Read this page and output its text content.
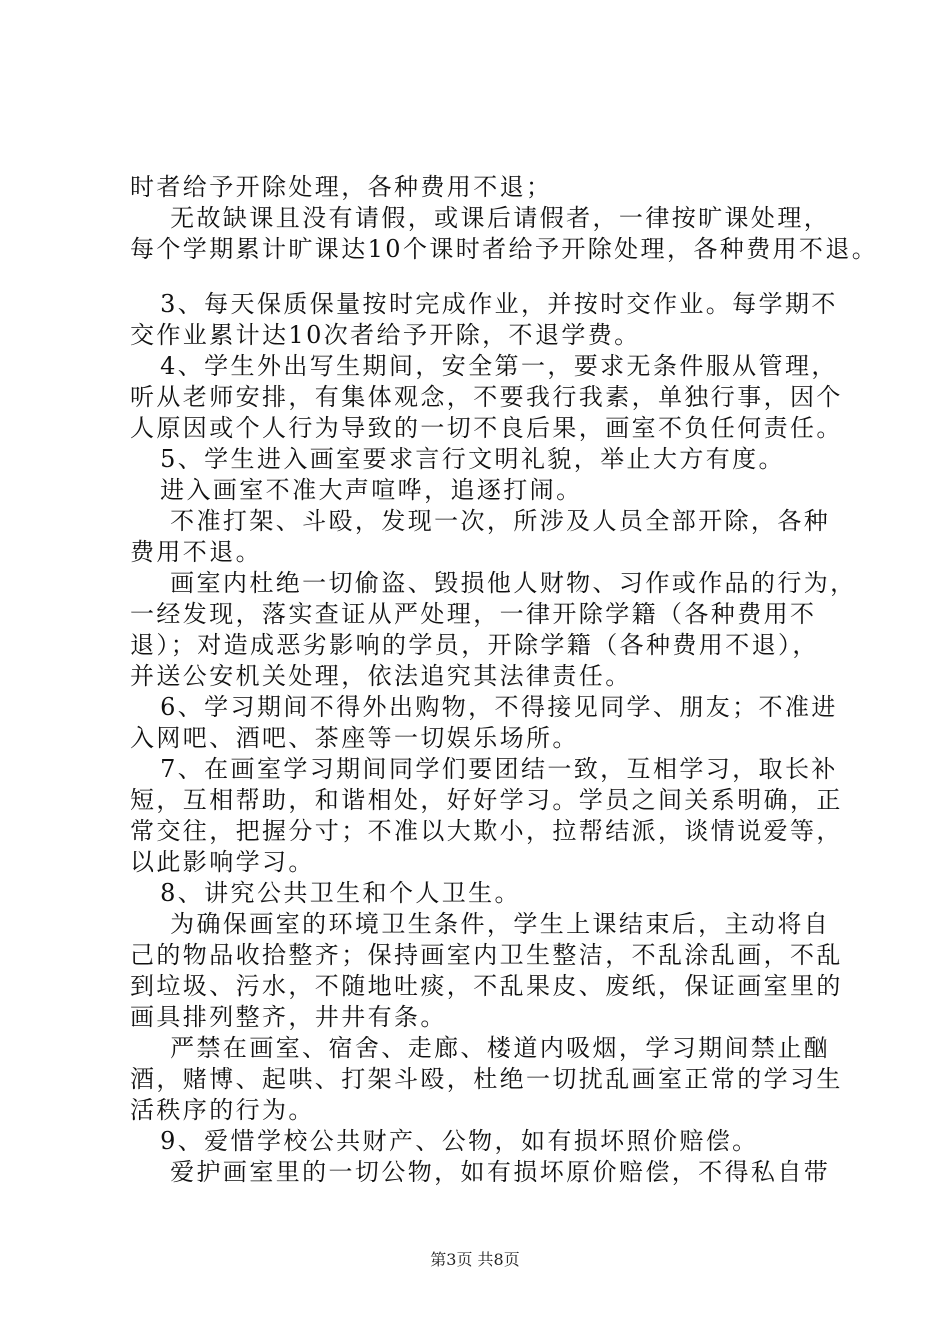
时者给予开除处理，各种费用不退；

无故缺课且没有请假，或课后请假者，一律按旷课处理，

每个学期累计旷课达10个课时者给予开除处理，各种费用不退。

3、每天保质保量按时完成作业，并按时交作业。每学期不

交作业累计达10次者给予开除，不退学费。

4、学生外出写生期间，安全第一，要求无条件服从管理，

听从老师安排，有集体观念，不要我行我素，单独行事，因个

人原因或个人行为导致的一切不良后果，画室不负任何责任。

5、学生进入画室要求言行文明礼貌，举止大方有度。

进入画室不准大声喧哗，追逐打闹。

不准打架、斗殴，发现一次，所涉及人员全部开除，各种

费用不退。

画室内杜绝一切偷盗、毁损他人财物、习作或作品的行为，

一经发现，落实查证从严处理，一律开除学籍（各种费用不

退）；对造成恶劣影响的学员，开除学籍（各种费用不退），

并送公安机关处理，依法追究其法律责任。

6、学习期间不得外出购物，不得接见同学、朋友；不准进

入网吧、酒吧、茶座等一切娱乐场所。

7、在画室学习期间同学们要团结一致，互相学习，取长补

短，互相帮助，和谐相处，好好学习。学员之间关系明确，正

常交往，把握分寸；不准以大欺小，拉帮结派，谈情说爱等，

以此影响学习。

8、讲究公共卫生和个人卫生。

为确保画室的环境卫生条件，学生上课结束后，主动将自

己的物品收拾整齐；保持画室内卫生整洁，不乱涂乱画，不乱

到垃圾、污水，不随地吐痰，不乱果皮、废纸，保证画室里的

画具排列整齐，井井有条。

严禁在画室、宿舍、走廊、楼道内吸烟，学习期间禁止酗

酒，赌博、起哄、打架斗殴，杜绝一切扰乱画室正常的学习生

活秩序的行为。

9、爱惜学校公共财产、公物，如有损坏照价赔偿。

爱护画室里的一切公物，如有损坏原价赔偿，不得私自带

第3页 共8页
